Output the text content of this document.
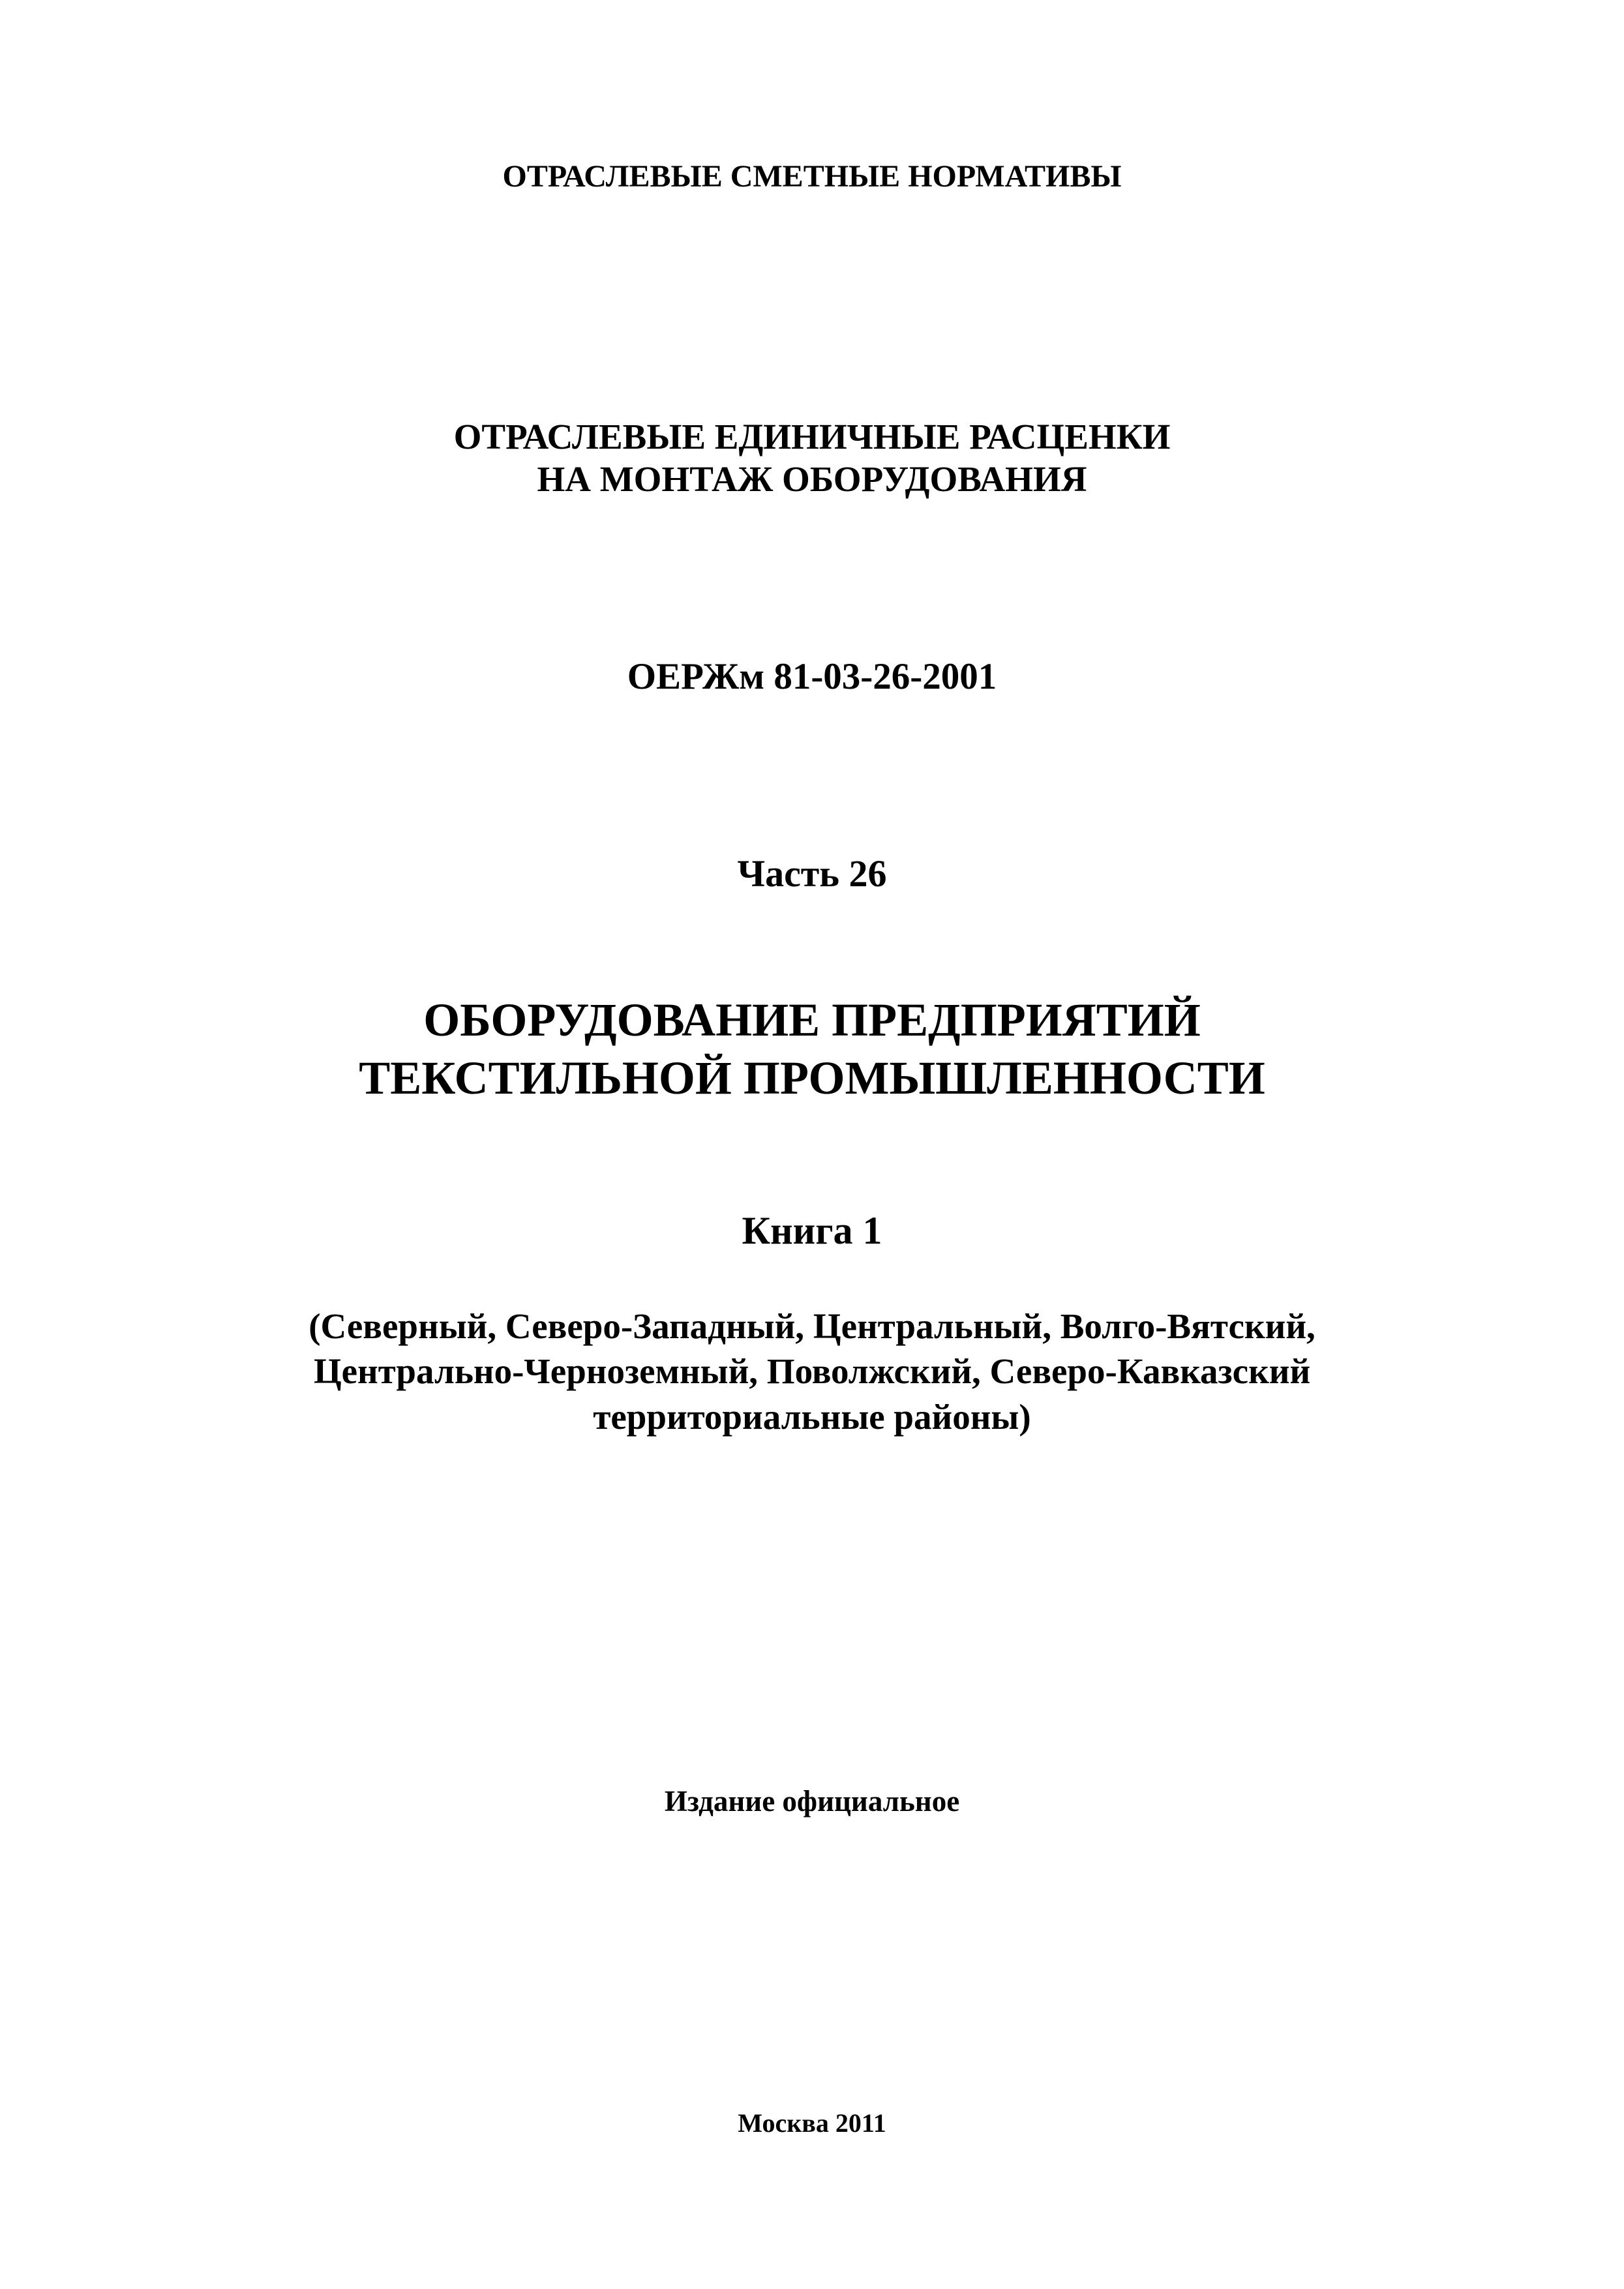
ОТРАСЛЕВЫЕ СМЕТНЫЕ НОРМАТИВЫ
ОТРАСЛЕВЫЕ ЕДИНИЧНЫЕ РАСЦЕНКИ
НА МОНТАЖ ОБОРУДОВАНИЯ
ОЕРЖм 81-03-26-2001
Часть 26
ОБОРУДОВАНИЕ ПРЕДПРИЯТИЙ
ТЕКСТИЛЬНОЙ ПРОМЫШЛЕННОСТИ
Книга 1
(Северный, Северо-Западный, Центральный, Волго-Вятский,
Центрально-Черноземный, Поволжский, Северо-Кавказский
территориальные районы)
Издание официальное
Москва 2011
